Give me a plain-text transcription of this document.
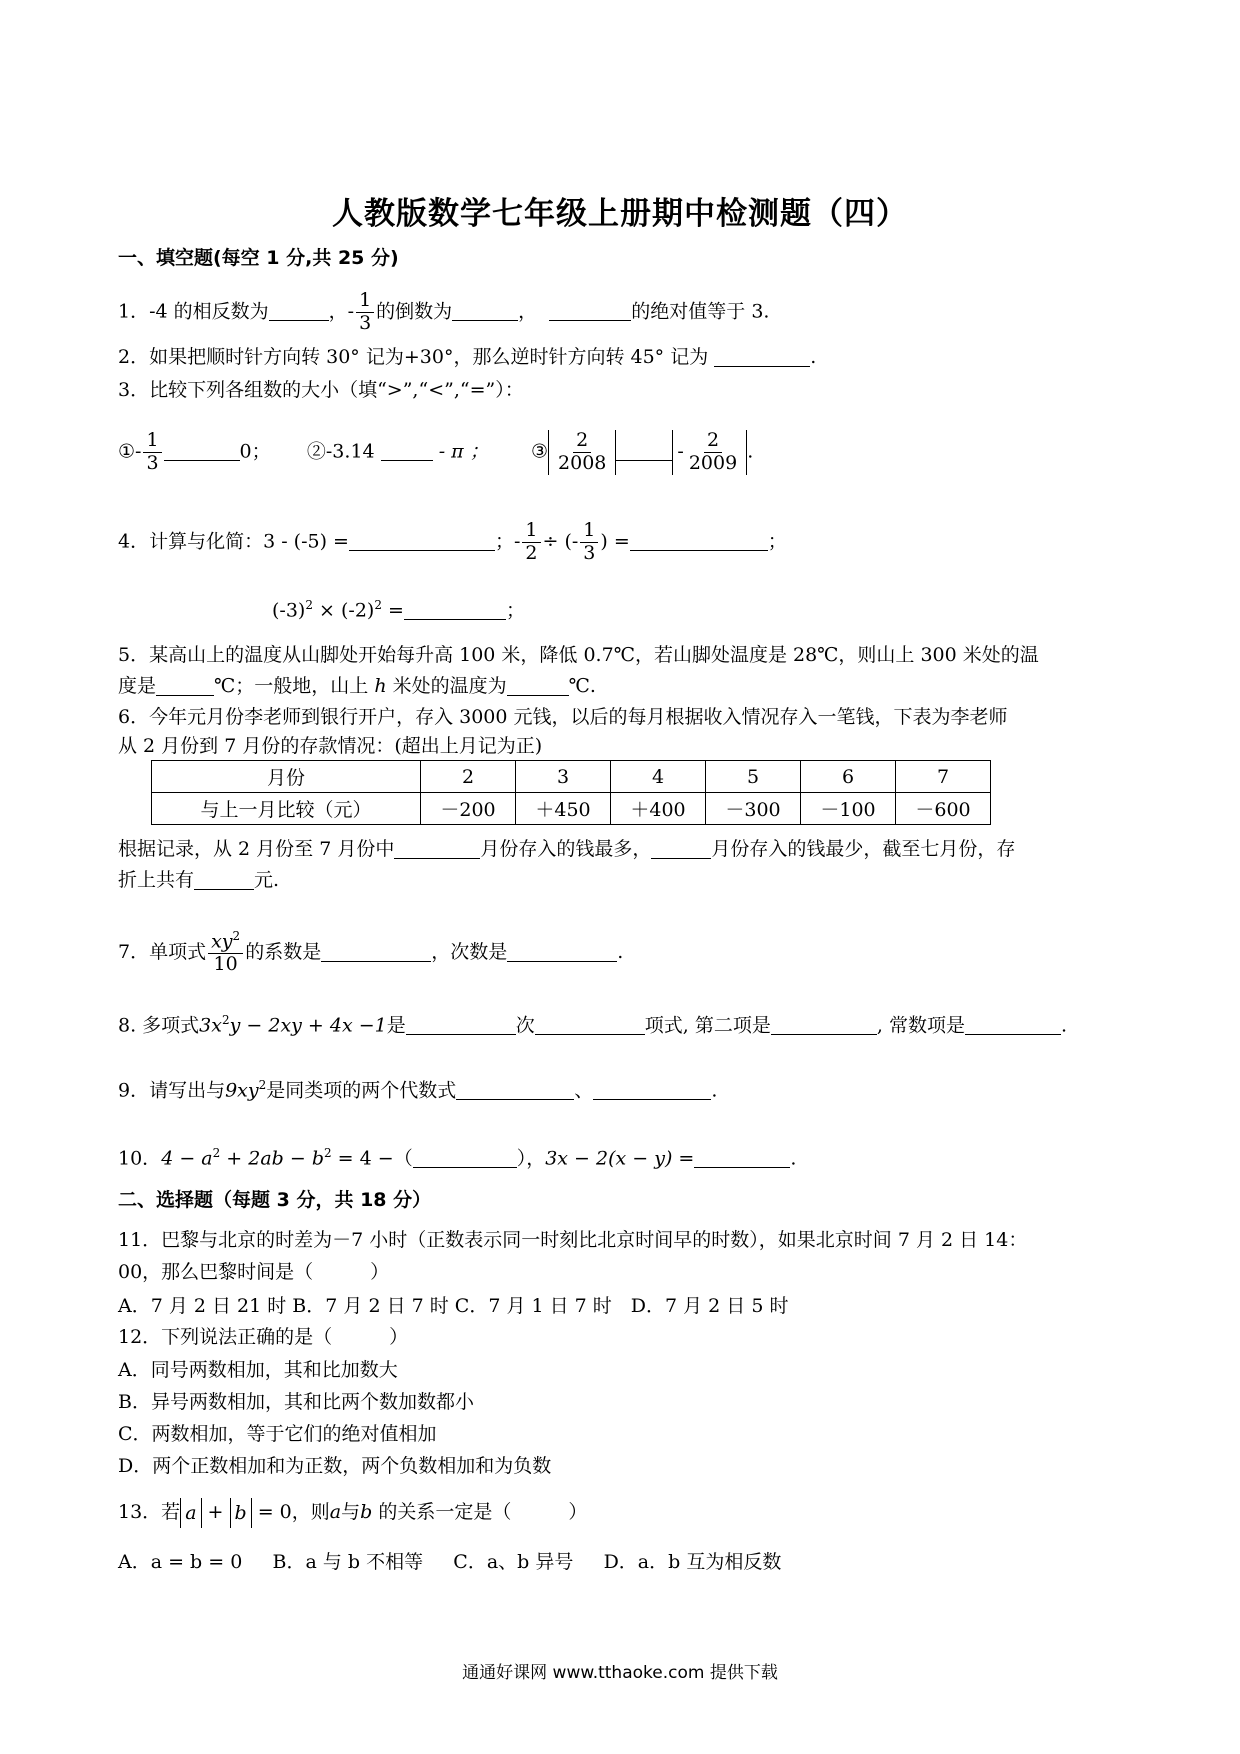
人教版数学七年级上册期中检测题（四）
一、填空题(每空 1 分,共 25 分)
1．-4 的相反数为	，- $\frac{1}{3}$ 的倒数为	，	的绝对值等于 3.
2．如果把顺时针方向转 30° 记为+30°，那么逆时针方向转 45° 记为	.
3．比较下列各组数的大小（填“>”,“<”,“=”）：
①- $\frac{1}{3}$	0； ②-3.14	- π ； ③ $\frac{2}{2008}$	- $\frac{2}{2009}$ .
4．计算与化简：3 - (-5) =	；- $\frac{1}{2}$ ÷ (- $\frac{1}{3}$ ) =	；
$(-3)^2 \times (-2)^2$ =	；
5．某高山上的温度从山脚处开始每升高 100 米，降低 0.7℃，若山脚处温度是 28℃，则山上 300 米处的温
度是	℃；一般地，山上 h 米处的温度为	℃.
6．今年元月份李老师到银行开户，存入 3000 元钱，以后的每月根据收入情况存入一笔钱，下表为李老师
从 2 月份到 7 月份的存款情况：(超出上月记为正)
月份	2	3	4	5	6	7
与上一月比较（元）	－200	＋450	＋400	－300	－100	－600
根据记录，从 2 月份至 7 月份中	月份存入的钱最多，	月份存入的钱最少，截至七月份，存
折上共有	元.
7．单项式 $\frac{xy^2}{10}$ 的系数是	，次数是	.
8. 多项式$3x^2y - 2xy + 4x -1$是	次	项式, 第二项是	, 常数项是	.
9．请写出与$9xy^2$是同类项的两个代数式	、	.
10．$4 - a^2 + 2ab - b^2 = 4$ −（	），3x − 2(x − y) =	.
二、选择题（每题 3 分，共 18 分）
11．巴黎与北京的时差为－7 小时（正数表示同一时刻比北京时间早的时数），如果北京时间 7 月 2 日 14：
00，那么巴黎时间是（　　　）
A．7 月 2 日 21 时 B．7 月 2 日 7 时 C．7 月 1 日 7 时　D．7 月 2 日 5 时
12．下列说法正确的是（　　　）
A．同号两数相加，其和比加数大
B．异号两数相加，其和比两个数加数都小
C．两数相加，等于它们的绝对值相加
D．两个正数相加和为正数，两个负数相加和为负数
13．若 a + b = 0，则a与b 的关系一定是（　　　）
A．a = b = 0 B．a 与 b 不相等 C．a、b 异号 D．a．b 互为相反数
通通好课网 www.tthaoke.com 提供下载
